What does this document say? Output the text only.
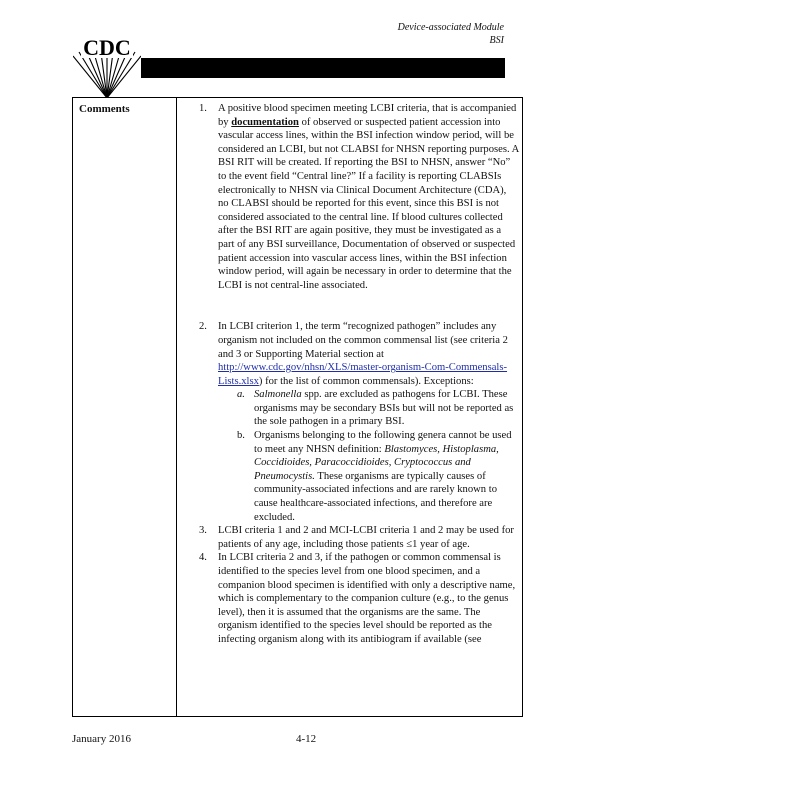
Device-associated Module
BSI
CDC
Comments	1. A positive blood specimen meeting LCBI criteria, that is accompanied by documentation of observed or suspected patient accession into vascular access lines, within the BSI infection window period, will be considered an LCBI, but not CLABSI for NHSN reporting purposes. A BSI RIT will be created. If reporting the BSI to NHSN, answer “No” to the event field “Central line?” If a facility is reporting CLABSIs electronically to NHSN via Clinical Document Architecture (CDA), no CLABSI should be reported for this event, since this BSI is not considered associated to the central line. If blood cultures collected after the BSI RIT are again positive, they must be investigated as a part of any BSI surveillance, Documentation of observed or suspected patient accession into vascular access lines, within the BSI infection window period, will again be necessary in order to determine that the LCBI is not central-line associated.
2. In LCBI criterion 1, the term “recognized pathogen” includes any organism not included on the common commensal list (see criteria 2 and 3 or Supporting Material section at http://www.cdc.gov/nhsn/XLS/master-organism-Com-Commensals-Lists.xlsx) for the list of common commensals). Exceptions:
a. Salmonella spp. are excluded as pathogens for LCBI. These organisms may be secondary BSIs but will not be reported as the sole pathogen in a primary BSI.
b. Organisms belonging to the following genera cannot be used to meet any NHSN definition: Blastomyces, Histoplasma, Coccidioides, Paracoccidioides, Cryptococcus and Pneumocystis. These organisms are typically causes of community-associated infections and are rarely known to cause healthcare-associated infections, and therefore are excluded.
3. LCBI criteria 1 and 2 and MCI-LCBI criteria 1 and 2 may be used for patients of any age, including those patients ≤1 year of age.
4. In LCBI criteria 2 and 3, if the pathogen or common commensal is identified to the species level from one blood specimen, and a companion blood specimen is identified with only a descriptive name, which is complementary to the companion culture (e.g., to the genus level), then it is assumed that the organisms are the same. The organism identified to the species level should be reported as the infecting organism along with its antibiogram if available (see
January 2016	4-12
